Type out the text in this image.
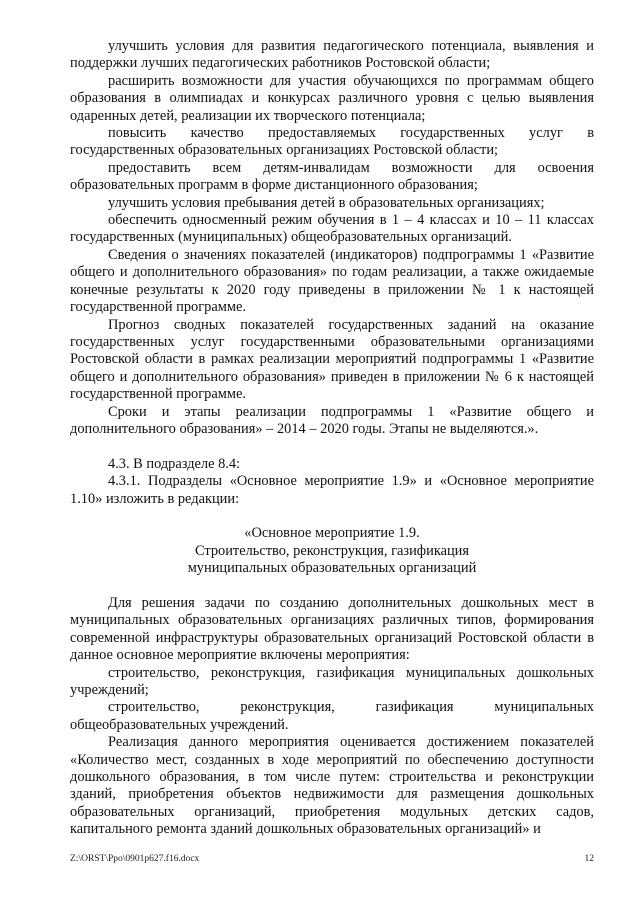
улучшить условия для развития педагогического потенциала, выявления и поддержки лучших педагогических работников Ростовской области;

расширить возможности для участия обучающихся по программам общего образования в олимпиадах и конкурсах различного уровня с целью выявления одаренных детей, реализации их творческого потенциала;

повысить качество предоставляемых государственных услуг в государственных образовательных организациях Ростовской области;

предоставить всем детям-инвалидам возможности для освоения образовательных программ в форме дистанционного образования;

улучшить условия пребывания детей в образовательных организациях;

обеспечить односменный режим обучения в 1 – 4 классах и 10 – 11 классах государственных (муниципальных) общеобразовательных организаций.

Сведения о значениях показателей (индикаторов) подпрограммы 1 «Развитие общего и дополнительного образования» по годам реализации, а также ожидаемые конечные результаты к 2020 году приведены в приложении № 1 к настоящей государственной программе.

Прогноз сводных показателей государственных заданий на оказание государственных услуг государственными образовательными организациями Ростовской области в рамках реализации мероприятий подпрограммы 1 «Развитие общего и дополнительного образования» приведен в приложении № 6 к настоящей государственной программе.

Сроки и этапы реализации подпрограммы 1 «Развитие общего и дополнительного образования» – 2014 – 2020 годы. Этапы не выделяются.».

4.3. В подразделе 8.4:

4.3.1. Подразделы «Основное мероприятие 1.9» и «Основное мероприятие 1.10» изложить в редакции:

«Основное мероприятие 1.9.

Строительство, реконструкция, газификация

муниципальных образовательных организаций

Для решения задачи по созданию дополнительных дошкольных мест в муниципальных образовательных организациях различных типов, формирования современной инфраструктуры образовательных организаций Ростовской области в данное основное мероприятие включены мероприятия:

строительство, реконструкция, газификация муниципальных дошкольных учреждений;

строительство, реконструкция, газификация муниципальных общеобразовательных учреждений.

Реализация данного мероприятия оценивается достижением показателей «Количество мест, созданных в ходе мероприятий по обеспечению доступности дошкольного образования, в том числе путем: строительства и реконструкции зданий, приобретения объектов недвижимости для размещения дошкольных образовательных организаций, приобретения модульных детских садов, капитального ремонта зданий дошкольных образовательных организаций» и

Z:\ORST\Ppo\0901p627.f16.docx	12
